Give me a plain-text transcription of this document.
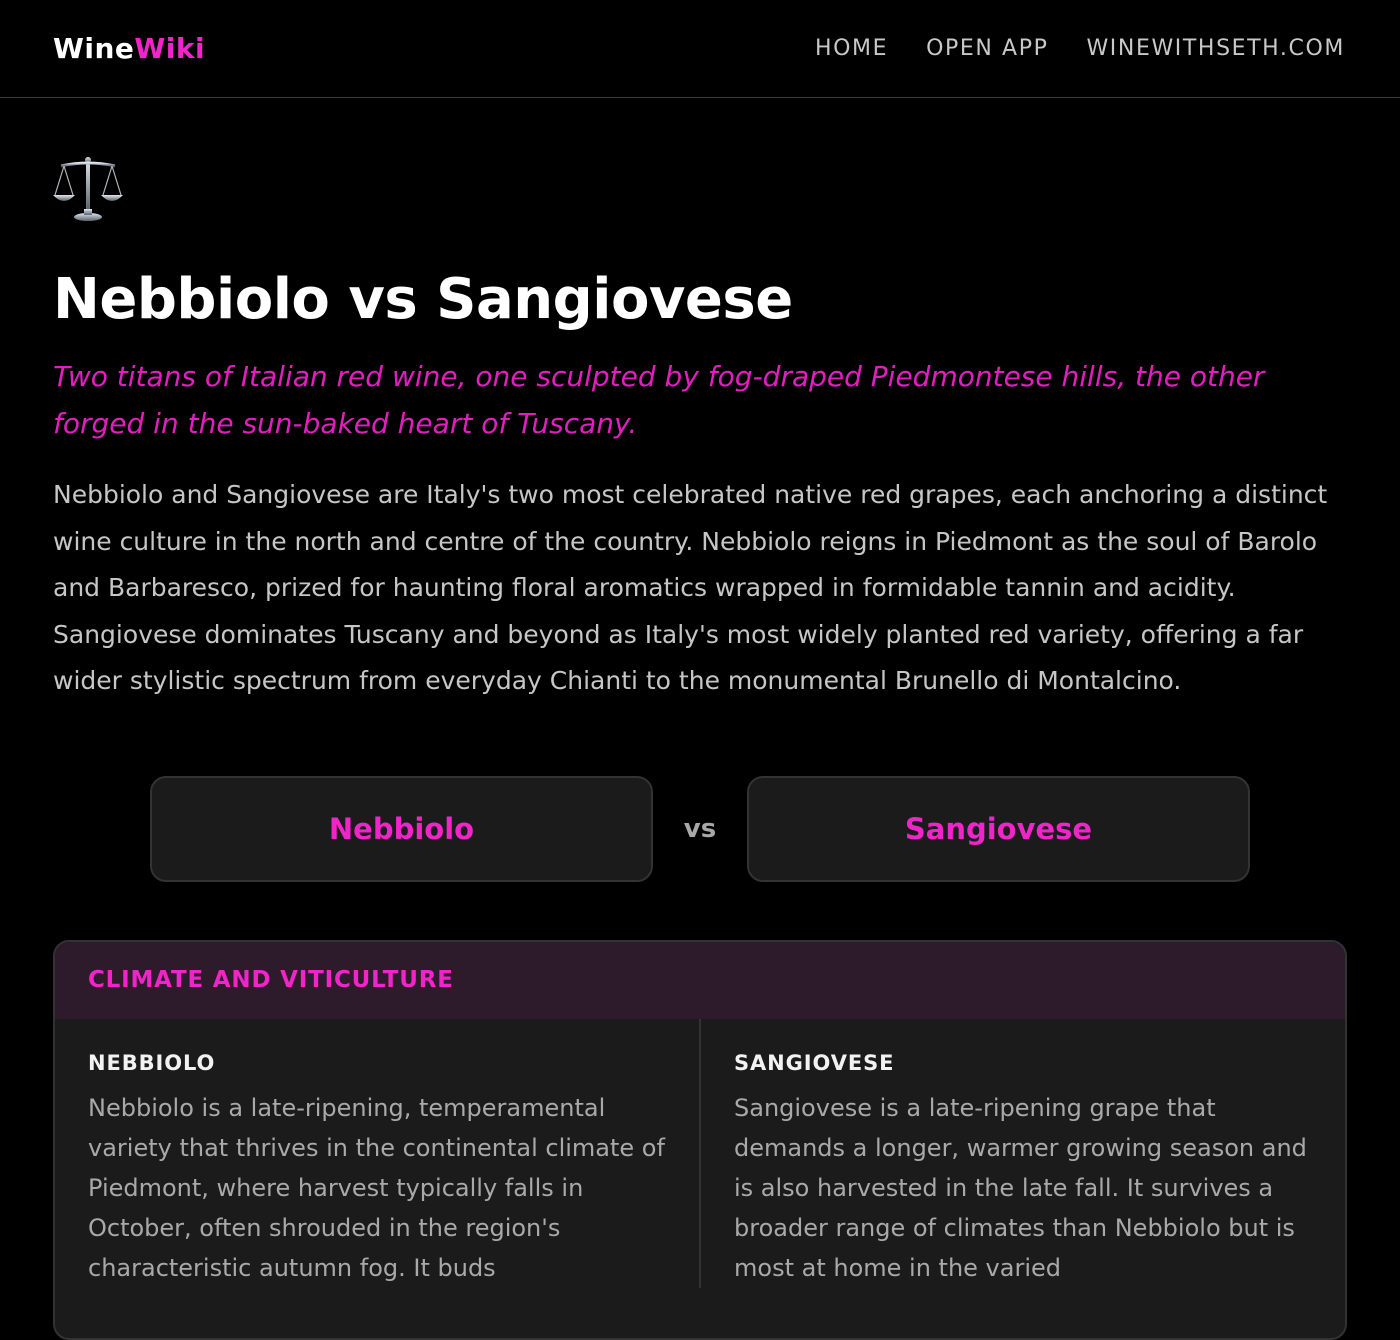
WineWiki	HOME OPEN APP WINEWITHSETH.COM
Nebbiolo vs Sangiovese

Two titans of Italian red wine, one sculpted by fog-draped Piedmontese hills, the other forged in the sun-baked heart of Tuscany.

Nebbiolo and Sangiovese are Italy's two most celebrated native red grapes, each anchoring a distinct wine culture in the north and centre of the country. Nebbiolo reigns in Piedmont as the soul of Barolo and Barbaresco, prized for haunting floral aromatics wrapped in formidable tannin and acidity. Sangiovese dominates Tuscany and beyond as Italy's most widely planted red variety, offering a far wider stylistic spectrum from everyday Chianti to the monumental Brunello di Montalcino.

Nebbiolo	vs	Sangiovese
CLIMATE AND VITICULTURE
NEBBIOLO

Nebbiolo is a late-ripening, temperamental variety that thrives in the continental climate of Piedmont, where harvest typically falls in October, often shrouded in the region's characteristic autumn fog. It buds

SANGIOVESE

Sangiovese is a late-ripening grape that demands a longer, warmer growing season and is also harvested in the late fall. It survives a broader range of climates than Nebbiolo but is most at home in the varied
